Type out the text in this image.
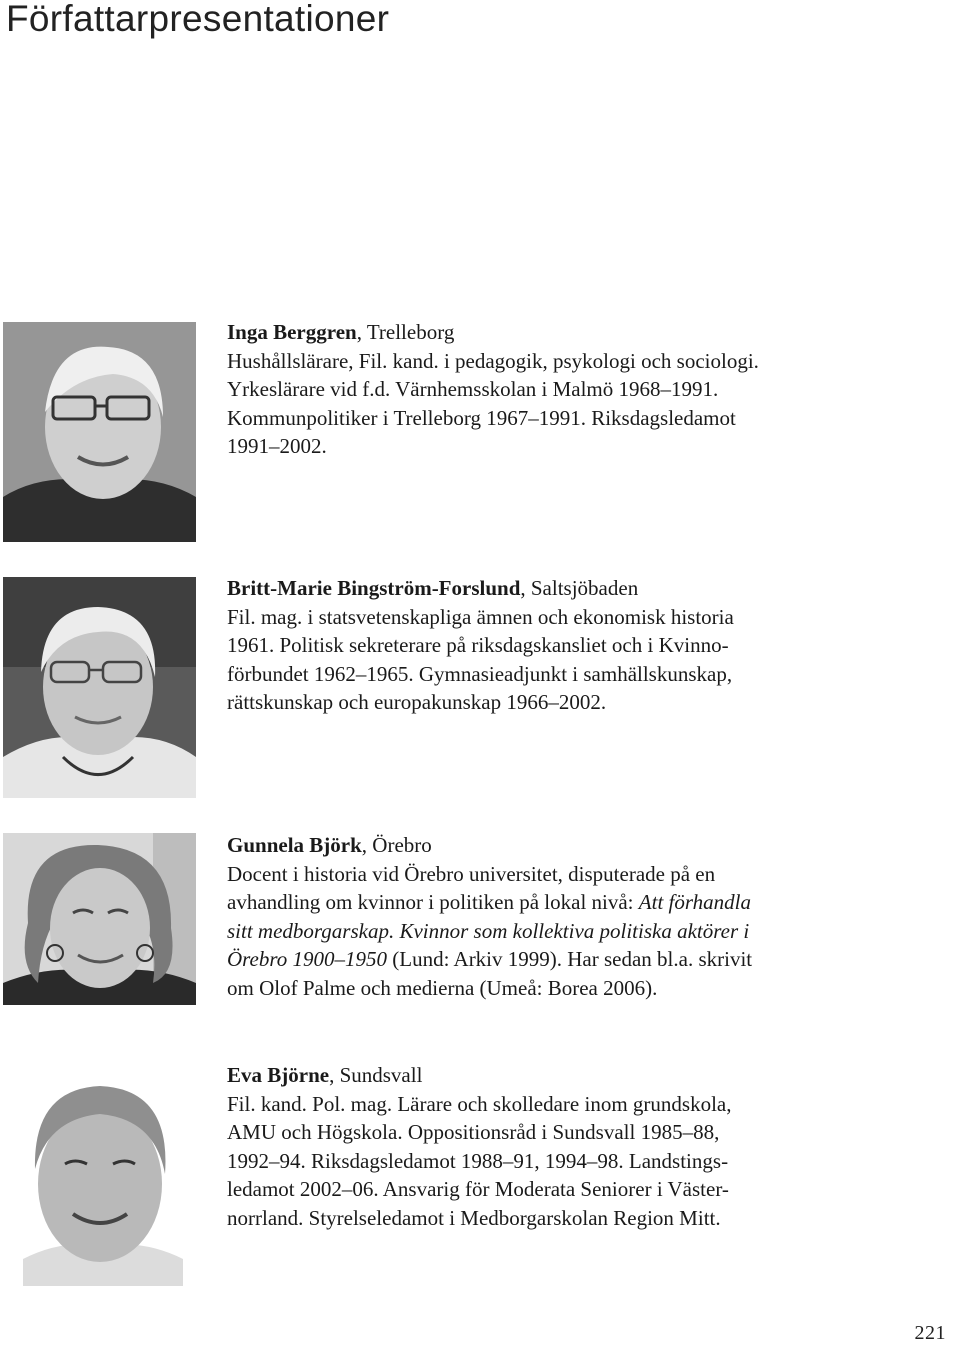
Författarpresentationer

Inga Berggren, Trelleborg

Hushållslärare, Fil. kand. i pedagogik, psykologi och sociologi.

Yrkeslärare vid f.d. Värnhemsskolan i Malmö 1968–1991.

Kommunpolitiker i Trelleborg 1967–1991. Riksdagsledamot

1991–2002.

Britt-Marie Bingström-Forslund, Saltsjöbaden

Fil. mag. i statsvetenskapliga ämnen och ekonomisk historia

1961. Politisk sekreterare på riksdagskansliet och i Kvinno-

förbundet 1962–1965. Gymnasieadjunkt i samhällskunskap,

rättskunskap och europakunskap 1966–2002.

Gunnela Björk, Örebro

Docent i historia vid Örebro universitet, disputerade på en

avhandling om kvinnor i politiken på lokal nivå: Att förhandla

sitt medborgarskap. Kvinnor som kollektiva politiska aktörer i

Örebro 1900–1950 (Lund: Arkiv 1999). Har sedan bl.a. skrivit

om Olof Palme och medierna (Umeå: Borea 2006).

Eva Björne, Sundsvall

Fil. kand. Pol. mag. Lärare och skolledare inom grundskola,

AMU och Högskola. Oppositionsråd i Sundsvall 1985–88,

1992–94. Riksdagsledamot 1988–91, 1994–98. Landstings-

ledamot 2002–06. Ansvarig för Moderata Seniorer i Väster-

norrland. Styrelseledamot i Medborgarskolan Region Mitt.

221
